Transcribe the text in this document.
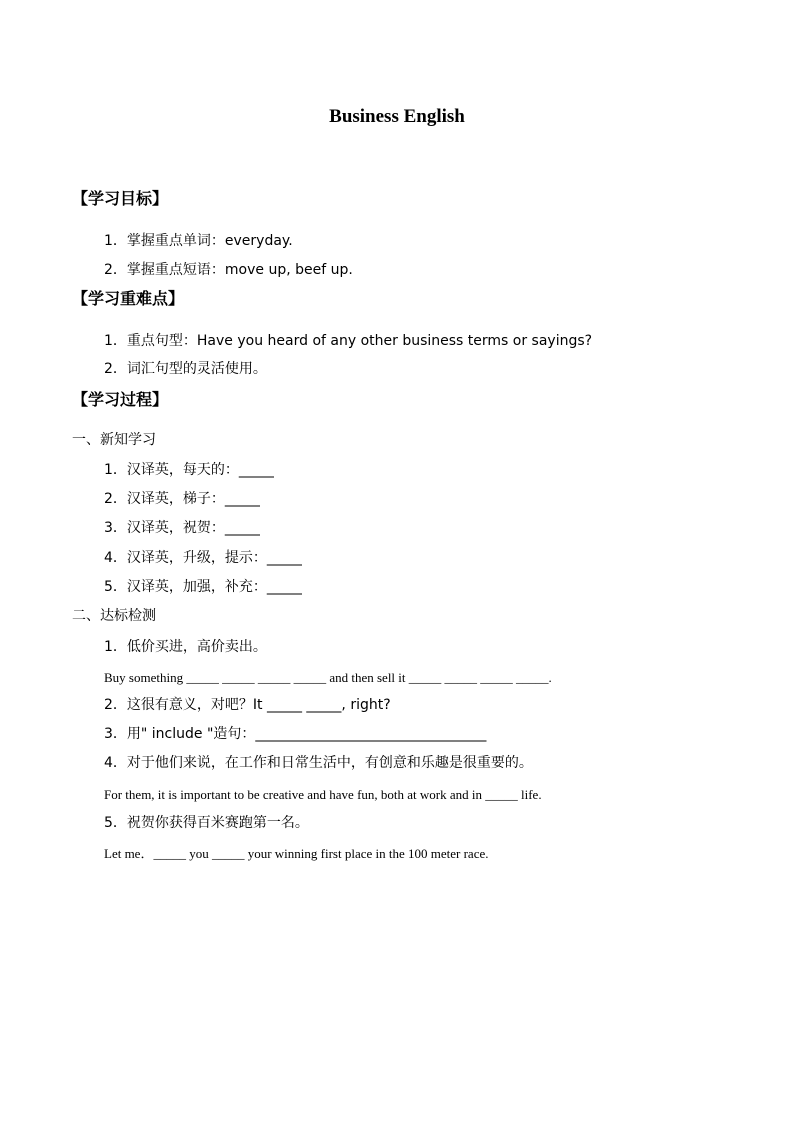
Business English
【学习目标】
1．掌握重点单词：everyday.
2．掌握重点短语：move up, beef up.
【学习重难点】
1．重点句型：Have you heard of any other business terms or sayings?
2．词汇句型的灵活使用。
【学习过程】
一、新知学习
1．汉译英，每天的：_____
2．汉译英，梯子：_____
3．汉译英，祝贺：_____
4．汉译英，升级，提示：_____
5．汉译英，加强，补充：_____
二、达标检测
1．低价买进，高价卖出。
Buy something _____ _____ _____ _____ and then sell it _____ _____ _____ _____.
2．这很有意义，对吧？It _____ _____, right?
3．用" include "造句：_________________________________
4．对于他们来说，在工作和日常生活中，有创意和乐趣是很重要的。
For them, it is important to be creative and have fun, both at work and in _____ life.
5．祝贺你获得百米赛跑第一名。
Let me．_____ you _____ your winning first place in the 100 meter race.
